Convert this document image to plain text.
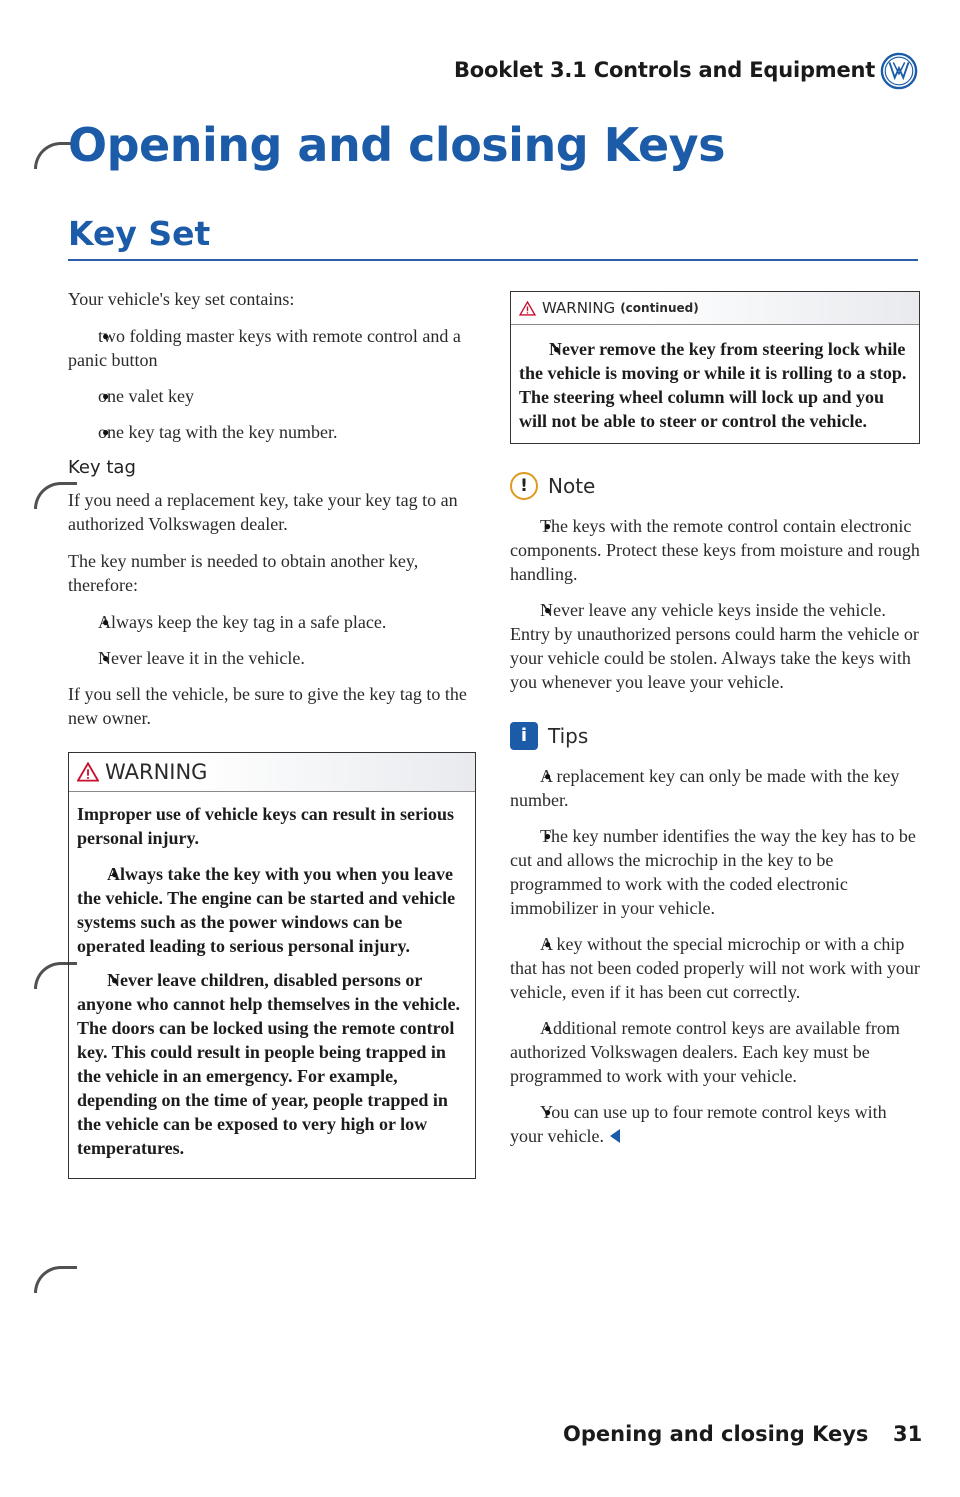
Booklet 3.1 Controls and Equipment
Opening and closing Keys
Key Set

Your vehicle's key set contains:

● two folding master keys with remote control and a panic button
● one valet key
● one key tag with the key number.
Key tag

If you need a replacement key, take your key tag to an authorized Volkswagen dealer.

The key number is needed to obtain another key, therefore:

● Always keep the key tag in a safe place.
● Never leave it in the vehicle.

If you sell the vehicle, be sure to give the key tag to the new owner.

WARNING

Improper use of vehicle keys can result in serious personal injury.

● Always take the key with you when you leave the vehicle. The engine can be started and vehicle systems such as the power windows can be operated leading to serious personal injury.
● Never leave children, disabled persons or anyone who cannot help themselves in the vehicle. The doors can be locked using the remote control key. This could result in people being trapped in the vehicle in an emergency. For example, depending on the time of year, people trapped in the vehicle can be exposed to very high or low temperatures.
WARNING (continued)
● Never remove the key from steering lock while the vehicle is moving or while it is rolling to a stop. The steering wheel column will lock up and you will not be able to steer or control the vehicle.
!	Note
● The keys with the remote control contain electronic components. Protect these keys from moisture and rough handling.
● Never leave any vehicle keys inside the vehicle. Entry by unauthorized persons could harm the vehicle or your vehicle could be stolen. Always take the keys with you whenever you leave your vehicle.
i	Tips
● A replacement key can only be made with the key number.
● The key number identifies the way the key has to be cut and allows the microchip in the key to be programmed to work with the coded electronic immobilizer in your vehicle.
● A key without the special microchip or with a chip that has not been coded properly will not work with your vehicle, even if it has been cut correctly.
● Additional remote control keys are available from authorized Volkswagen dealers. Each key must be programmed to work with your vehicle.
● You can use up to four remote control keys with your vehicle.
Opening and closing Keys 31
